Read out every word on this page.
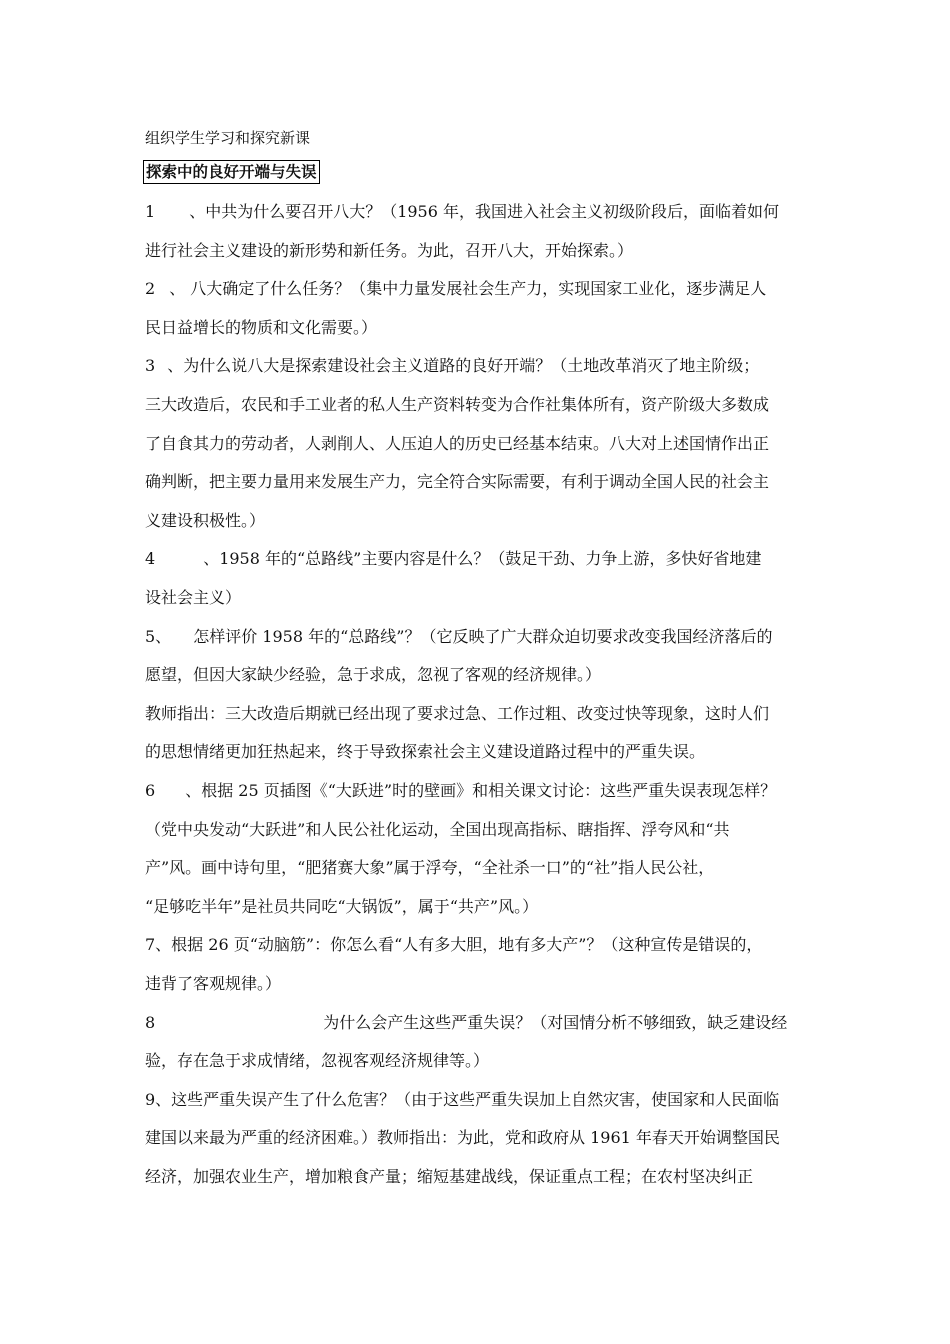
组织学生学习和探究新课
探索中的良好开端与失误
1 、中共为什么要召开八大？（1956 年，我国进入社会主义初级阶段后，面临着如何
进行社会主义建设的新形势和新任务。为此，召开八大，开始探索。）
2 、 八大确定了什么任务？（集中力量发展社会生产力，实现国家工业化，逐步满足人
民日益增长的物质和文化需要。）
3 、为什么说八大是探索建设社会主义道路的良好开端？（土地改革消灭了地主阶级；
三大改造后，农民和手工业者的私人生产资料转变为合作社集体所有，资产阶级大多数成
了自食其力的劳动者，人剥削人、人压迫人的历史已经基本结束。八大对上述国情作出正
确判断，把主要力量用来发展生产力，完全符合实际需要，有利于调动全国人民的社会主
义建设积极性。）
4	、1958 年的“总路线”主要内容是什么？（鼓足干劲、力争上游，多快好省地建
设社会主义）
5、 怎样评价 1958 年的“总路线”？（它反映了广大群众迫切要求改变我国经济落后的
愿望，但因大家缺少经验，急于求成，忽视了客观的经济规律。）
教师指出：三大改造后期就已经出现了要求过急、工作过粗、改变过快等现象，这时人们
的思想情绪更加狂热起来，终于导致探索社会主义建设道路过程中的严重失误。
6 、根据 25 页插图《“大跃进”时的壁画》和相关课文讨论：这些严重失误表现怎样？
（党中央发动“大跃进”和人民公社化运动，全国出现高指标、瞎指挥、浮夸风和“共
产”风。画中诗句里，“肥猪赛大象”属于浮夸，“全社杀一口”的“社”指人民公社，
“足够吃半年”是社员共同吃“大锅饭”，属于“共产”风。）
7、根据 26 页“动脑筋”：你怎么看“人有多大胆，地有多大产”？（这种宣传是错误的，
违背了客观规律。）
8	为什么会产生这些严重失误？（对国情分析不够细致，缺乏建设经
验，存在急于求成情绪，忽视客观经济规律等。）
9、这些严重失误产生了什么危害？（由于这些严重失误加上自然灾害，使国家和人民面临
建国以来最为严重的经济困难。）教师指出：为此，党和政府从 1961 年春天开始调整国民
经济，加强农业生产，增加粮食产量；缩短基建战线，保证重点工程；在农村坚决纠正
